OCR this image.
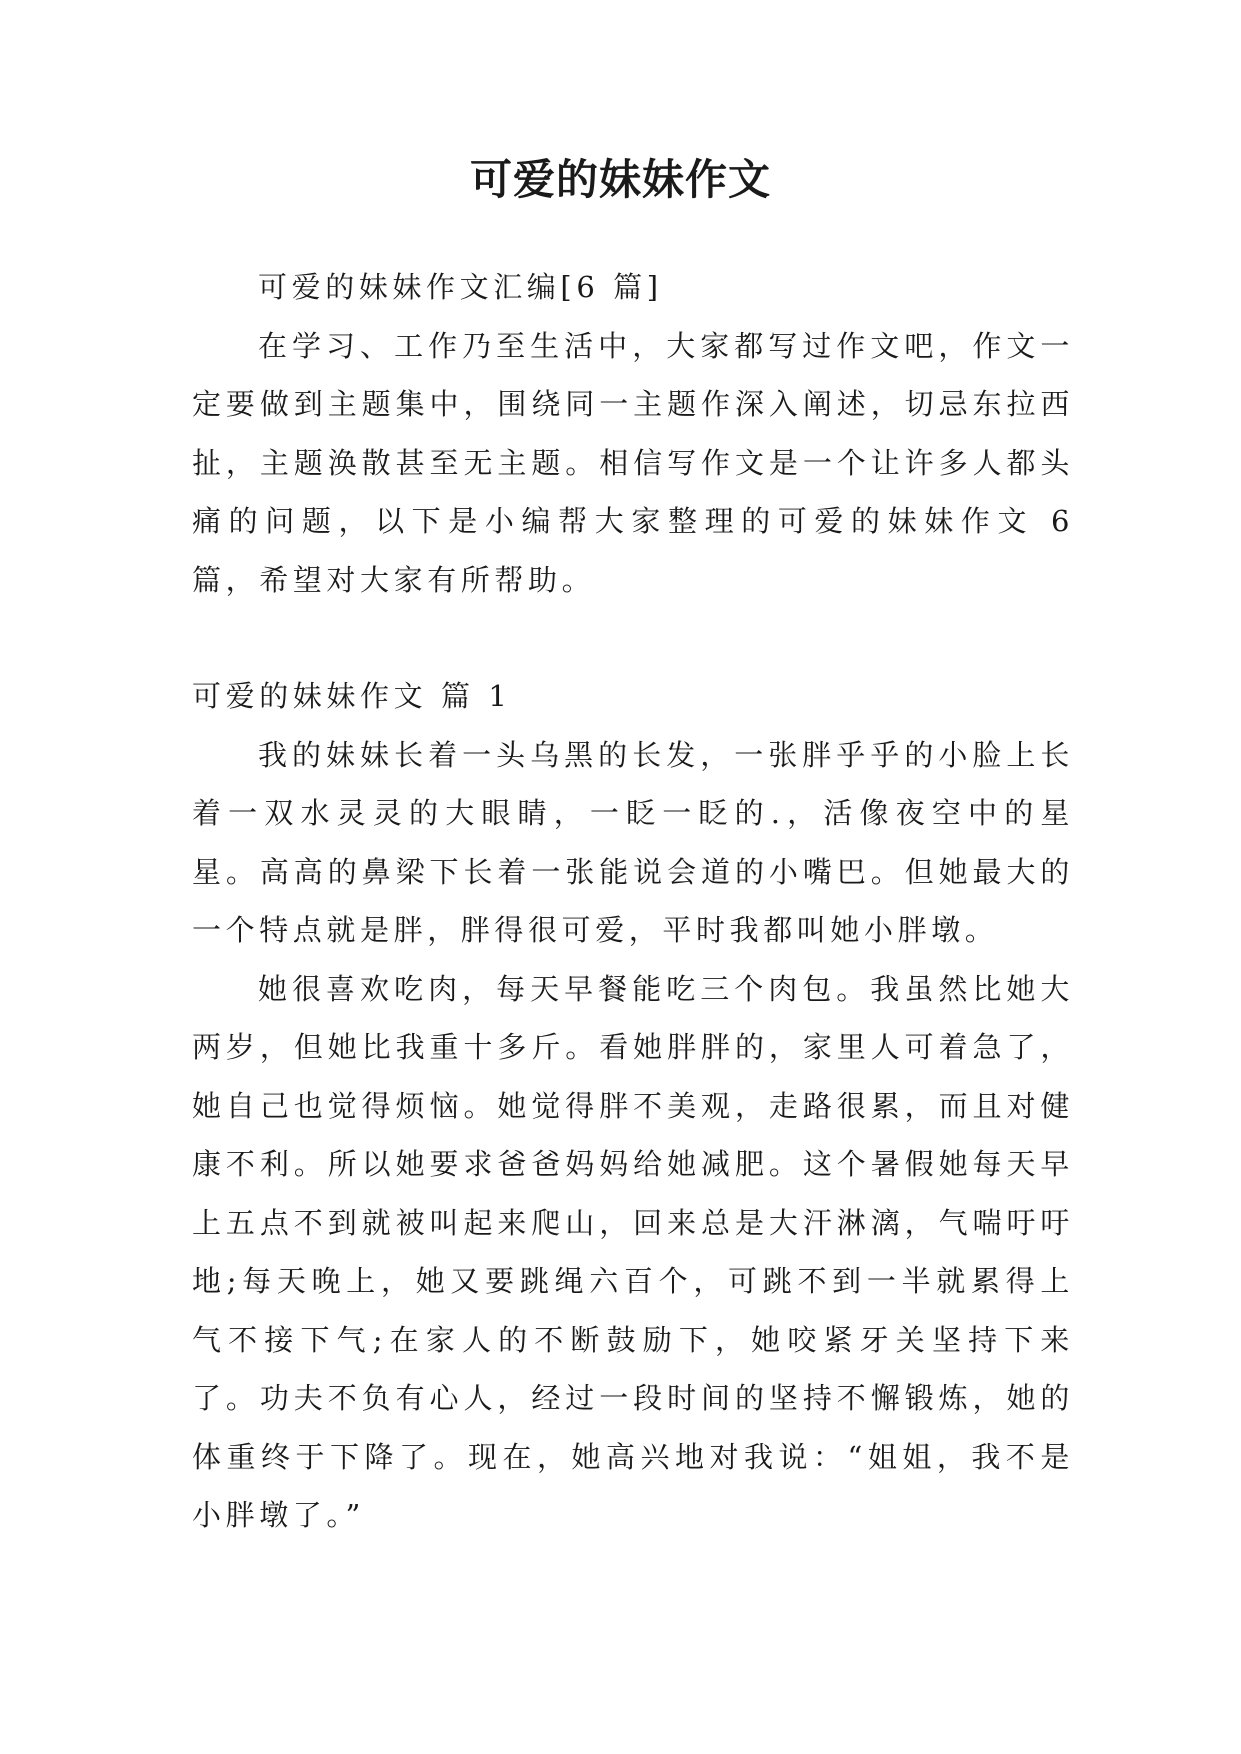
可爱的妹妹作文

可爱的妹妹作文汇编[6 篇]

在学习、工作乃至生活中，大家都写过作文吧，作文一定要做到主题集中，围绕同一主题作深入阐述，切忌东拉西扯，主题涣散甚至无主题。相信写作文是一个让许多人都头痛的问题，以下是小编帮大家整理的可爱的妹妹作文 6 篇，希望对大家有所帮助。

可爱的妹妹作文 篇 1

我的妹妹长着一头乌黑的长发，一张胖乎乎的小脸上长着一双水灵灵的大眼睛，一眨一眨的.，活像夜空中的星星。高高的鼻梁下长着一张能说会道的小嘴巴。但她最大的一个特点就是胖，胖得很可爱，平时我都叫她小胖墩。

她很喜欢吃肉，每天早餐能吃三个肉包。我虽然比她大两岁，但她比我重十多斤。看她胖胖的，家里人可着急了，她自己也觉得烦恼。她觉得胖不美观，走路很累，而且对健康不利。所以她要求爸爸妈妈给她减肥。这个暑假她每天早上五点不到就被叫起来爬山，回来总是大汗淋漓，气喘吁吁地;每天晚上，她又要跳绳六百个，可跳不到一半就累得上气不接下气;在家人的不断鼓励下，她咬紧牙关坚持下来了。功夫不负有心人，经过一段时间的坚持不懈锻炼，她的体重终于下降了。现在，她高兴地对我说：“姐姐，我不是小胖墩了。”
